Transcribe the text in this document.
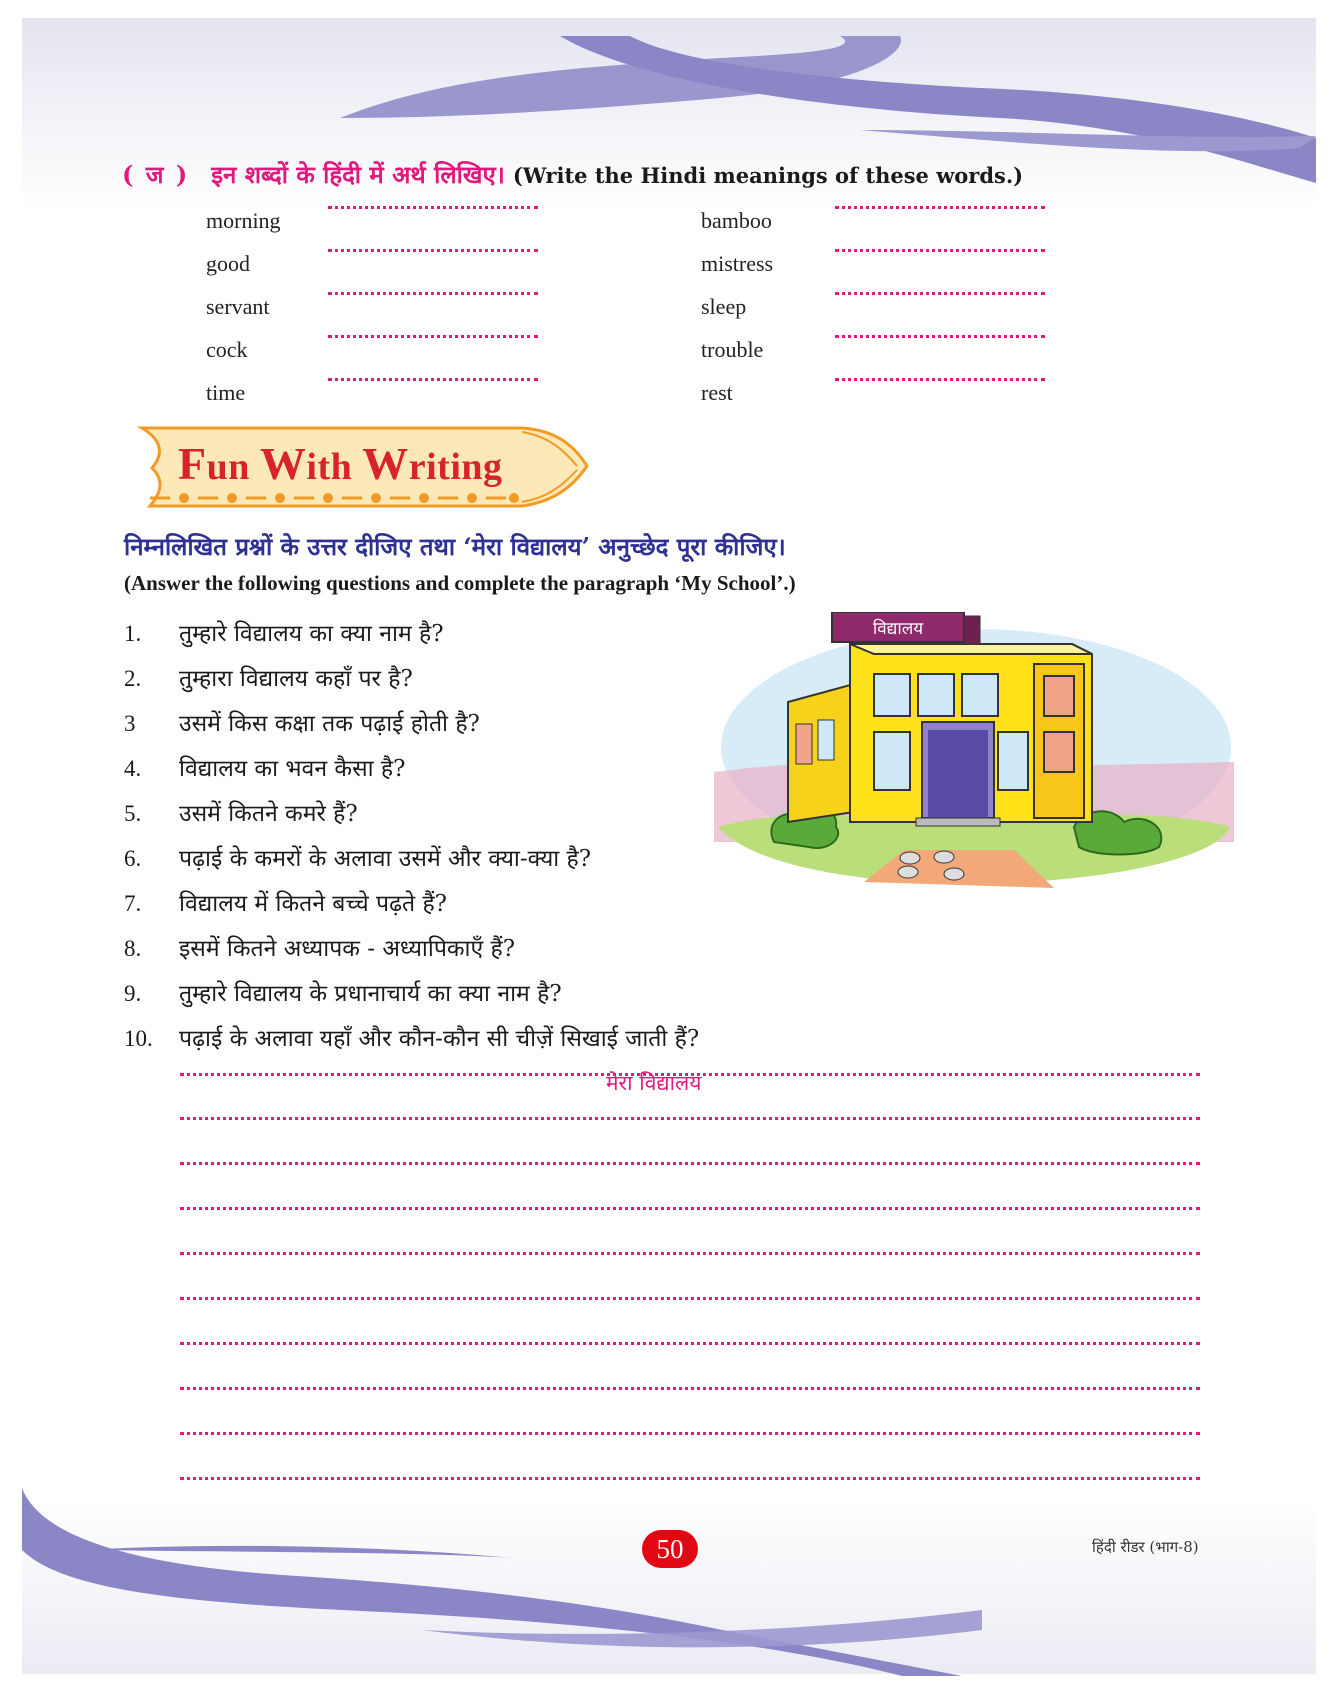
( ज ) इन शब्दों के हिंदी में अर्थ लिखिए। (Write the Hindi meanings of these words.)
morning
good
servant
cock
time
bamboo
mistress
sleep
trouble
rest
Fun With Writing
निम्नलिखित प्रश्नों के उत्तर दीजिए तथा ‘मेरा विद्यालय’ अनुच्छेद पूरा कीजिए।
(Answer the following questions and complete the paragraph ‘My School’.)
1. तुम्हारे विद्यालय का क्या नाम है?
2. तुम्हारा विद्यालय कहाँ पर है?
3 उसमें किस कक्षा तक पढ़ाई होती है?
4. विद्यालय का भवन कैसा है?
5. उसमें कितने कमरे हैं?
6. पढ़ाई के कमरों के अलावा उसमें और क्या-क्या है?
7. विद्यालय में कितने बच्चे पढ़ते हैं?
8. इसमें कितने अध्यापक - अध्यापिकाएँ हैं?
9. तुम्हारे विद्यालय के प्रधानाचार्य का क्या नाम है?
10. पढ़ाई के अलावा यहाँ और कौन-कौन सी चीज़ें सिखाई जाती हैं?
विद्यालय
मेरा विद्यालय
50	हिंदी रीडर (भाग-8)
